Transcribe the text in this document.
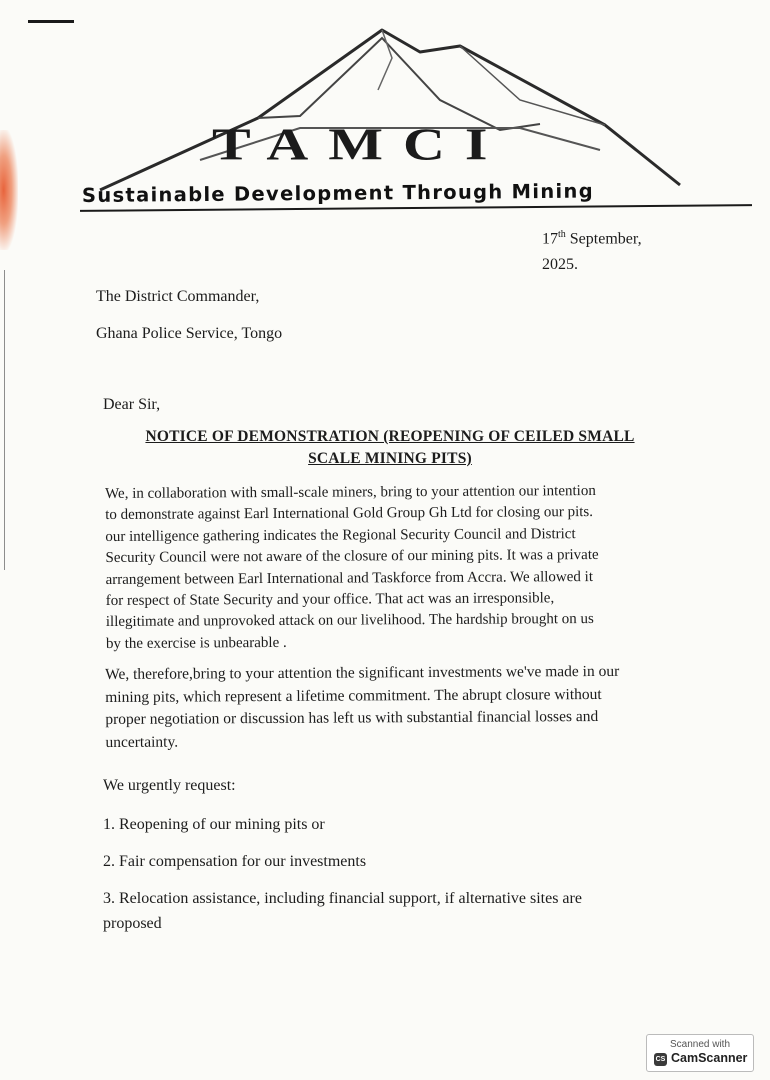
TAMCI
Sustainable Development Through Mining
17th September,
2025.
The District Commander,
Ghana Police Service, Tongo
Dear Sir,
NOTICE OF DEMONSTRATION (REOPENING OF CEILED SMALL
SCALE MINING PITS)
We, in collaboration with small-scale miners, bring to your attention our intention
to demonstrate against Earl International Gold Group Gh Ltd for closing our pits.
our intelligence gathering indicates the Regional Security Council and District
Security Council were not aware of the closure of our mining pits. It was a private
arrangement between Earl International and Taskforce from Accra. We allowed it
for respect of State Security and your office. That act was an irresponsible,
illegitimate and unprovoked attack on our livelihood. The hardship brought on us
by the exercise is unbearable .
We, therefore,bring to your attention the significant investments we've made in our
mining pits, which represent a lifetime commitment. The abrupt closure without
proper negotiation or discussion has left us with substantial financial losses and
uncertainty.
We urgently request:
1. Reopening of our mining pits or
2. Fair compensation for our investments
3. Relocation assistance, including financial support, if alternative sites are
proposed
Scanned with
CS CamScanner
